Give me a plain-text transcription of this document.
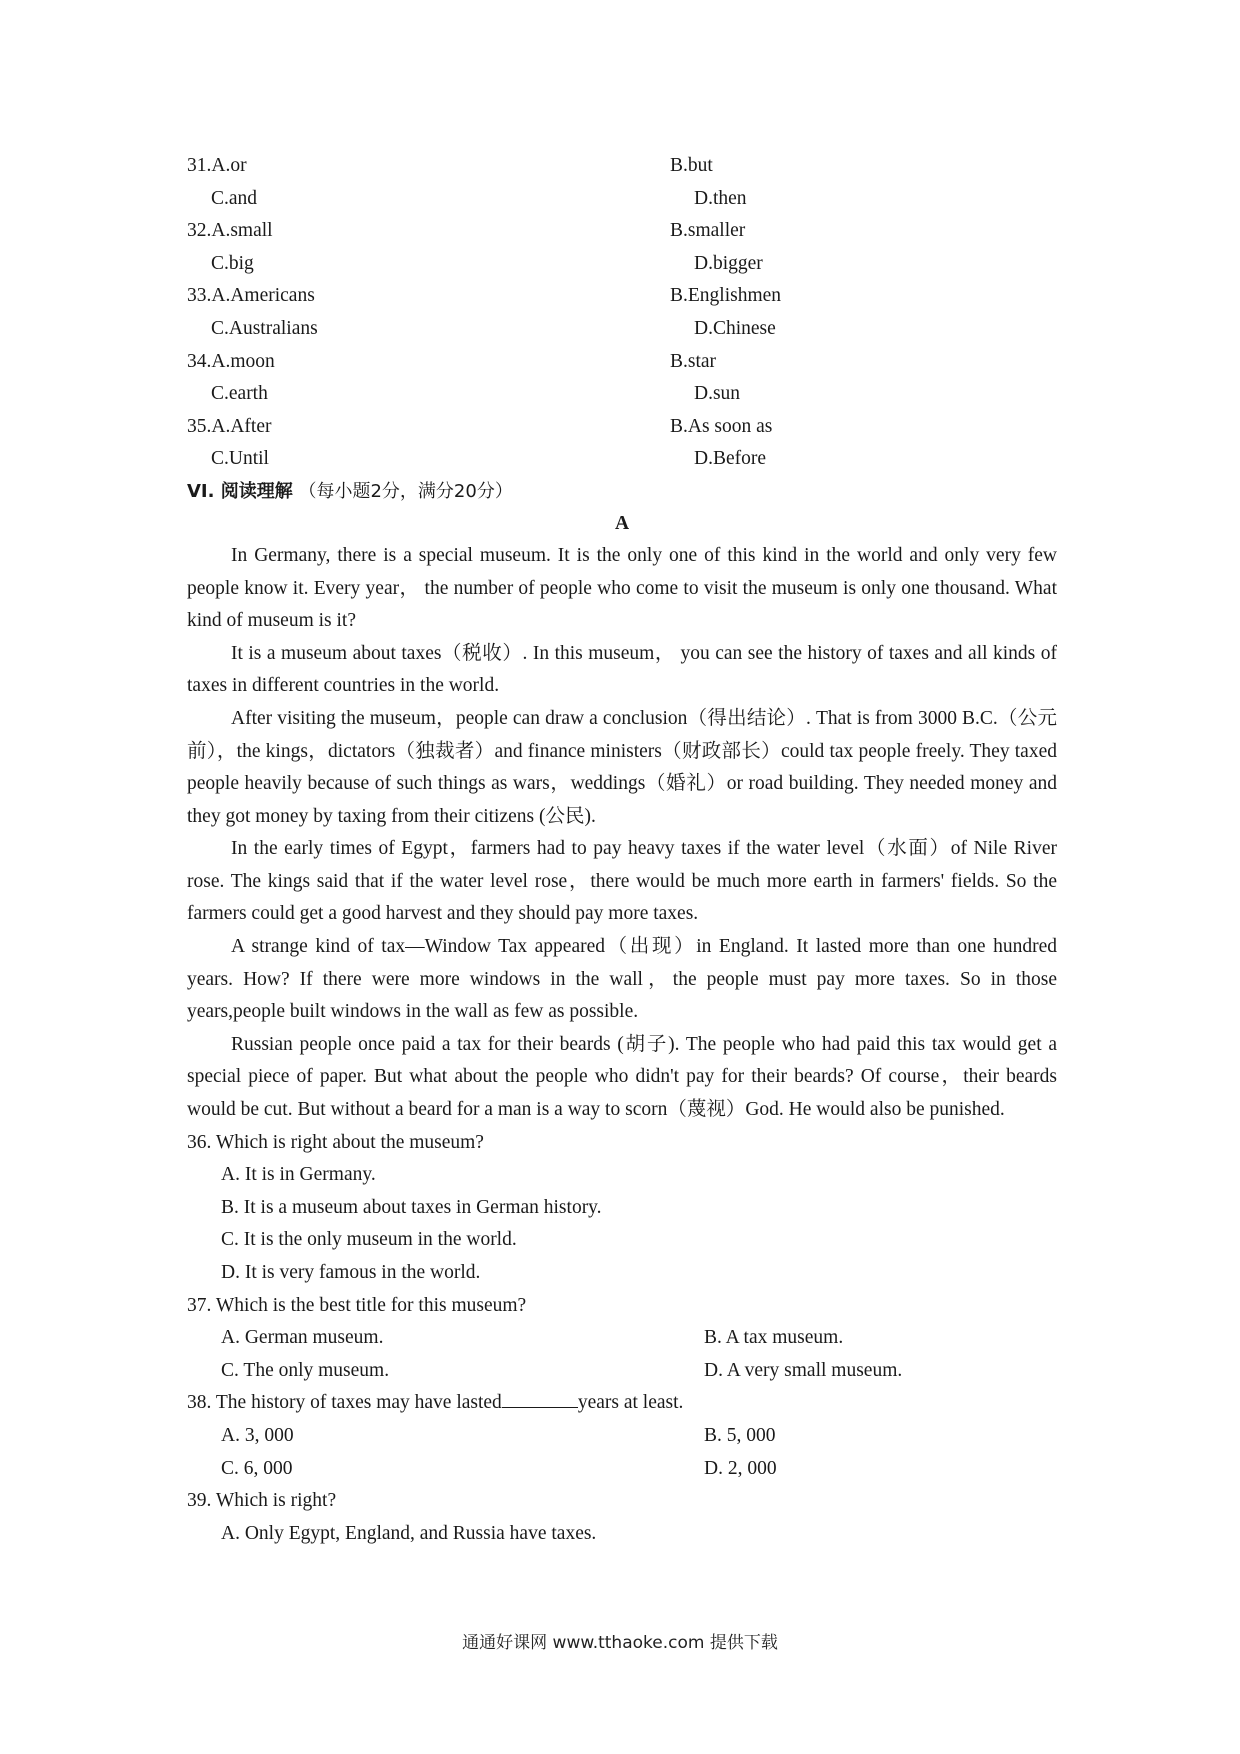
31.A.or	B.but
C.and	D.then
32.A.small	B.smaller
C.big	D.bigger
33.A.Americans	B.Englishmen
C.Australians	D.Chinese
34.A.moon	B.star
C.earth	D.sun
35.A.After	B.As soon as
C.Until	D.Before
VI. 阅读理解 （每小题2分，满分20分）
A

In Germany, there is a special museum. It is the only one of this kind in the world and only very few people know it. Every year， the number of people who come to visit the museum is only one thousand. What kind of museum is it?

It is a museum about taxes（税收）. In this museum， you can see the history of taxes and all kinds of taxes in different countries in the world.

After visiting the museum，people can draw a conclusion（得出结论）. That is from 3000 B.C.（公元前），the kings，dictators（独裁者）and finance ministers（财政部长）could tax people freely. They taxed people heavily because of such things as wars，weddings（婚礼）or road building. They needed money and they got money by taxing from their citizens (公民).

In the early times of Egypt，farmers had to pay heavy taxes if the water level（水面）of Nile River rose. The kings said that if the water level rose，there would be much more earth in farmers' fields. So the farmers could get a good harvest and they should pay more taxes.

A strange kind of tax—Window Tax appeared（出现）in England. It lasted more than one hundred years. How? If there were more windows in the wall，the people must pay more taxes. So in those years,people built windows in the wall as few as possible.

Russian people once paid a tax for their beards (胡子). The people who had paid this tax would get a special piece of paper. But what about the people who didn't pay for their beards? Of course，their beards would be cut. But without a beard for a man is a way to scorn（蔑视）God. He would also be punished.

36. Which is right about the museum?
A. It is in Germany.
B. It is a museum about taxes in German history.
C. It is the only museum in the world.
D. It is very famous in the world.
37. Which is the best title for this museum?
A. German museum.	B. A tax museum.
C. The only museum.	D. A very small museum.
38. The history of taxes may have lasted	years at least.
A. 3, 000	B. 5, 000
C. 6, 000	D. 2, 000
39. Which is right?
A. Only Egypt, England, and Russia have taxes.
通通好课网 www.tthaoke.com 提供下载
